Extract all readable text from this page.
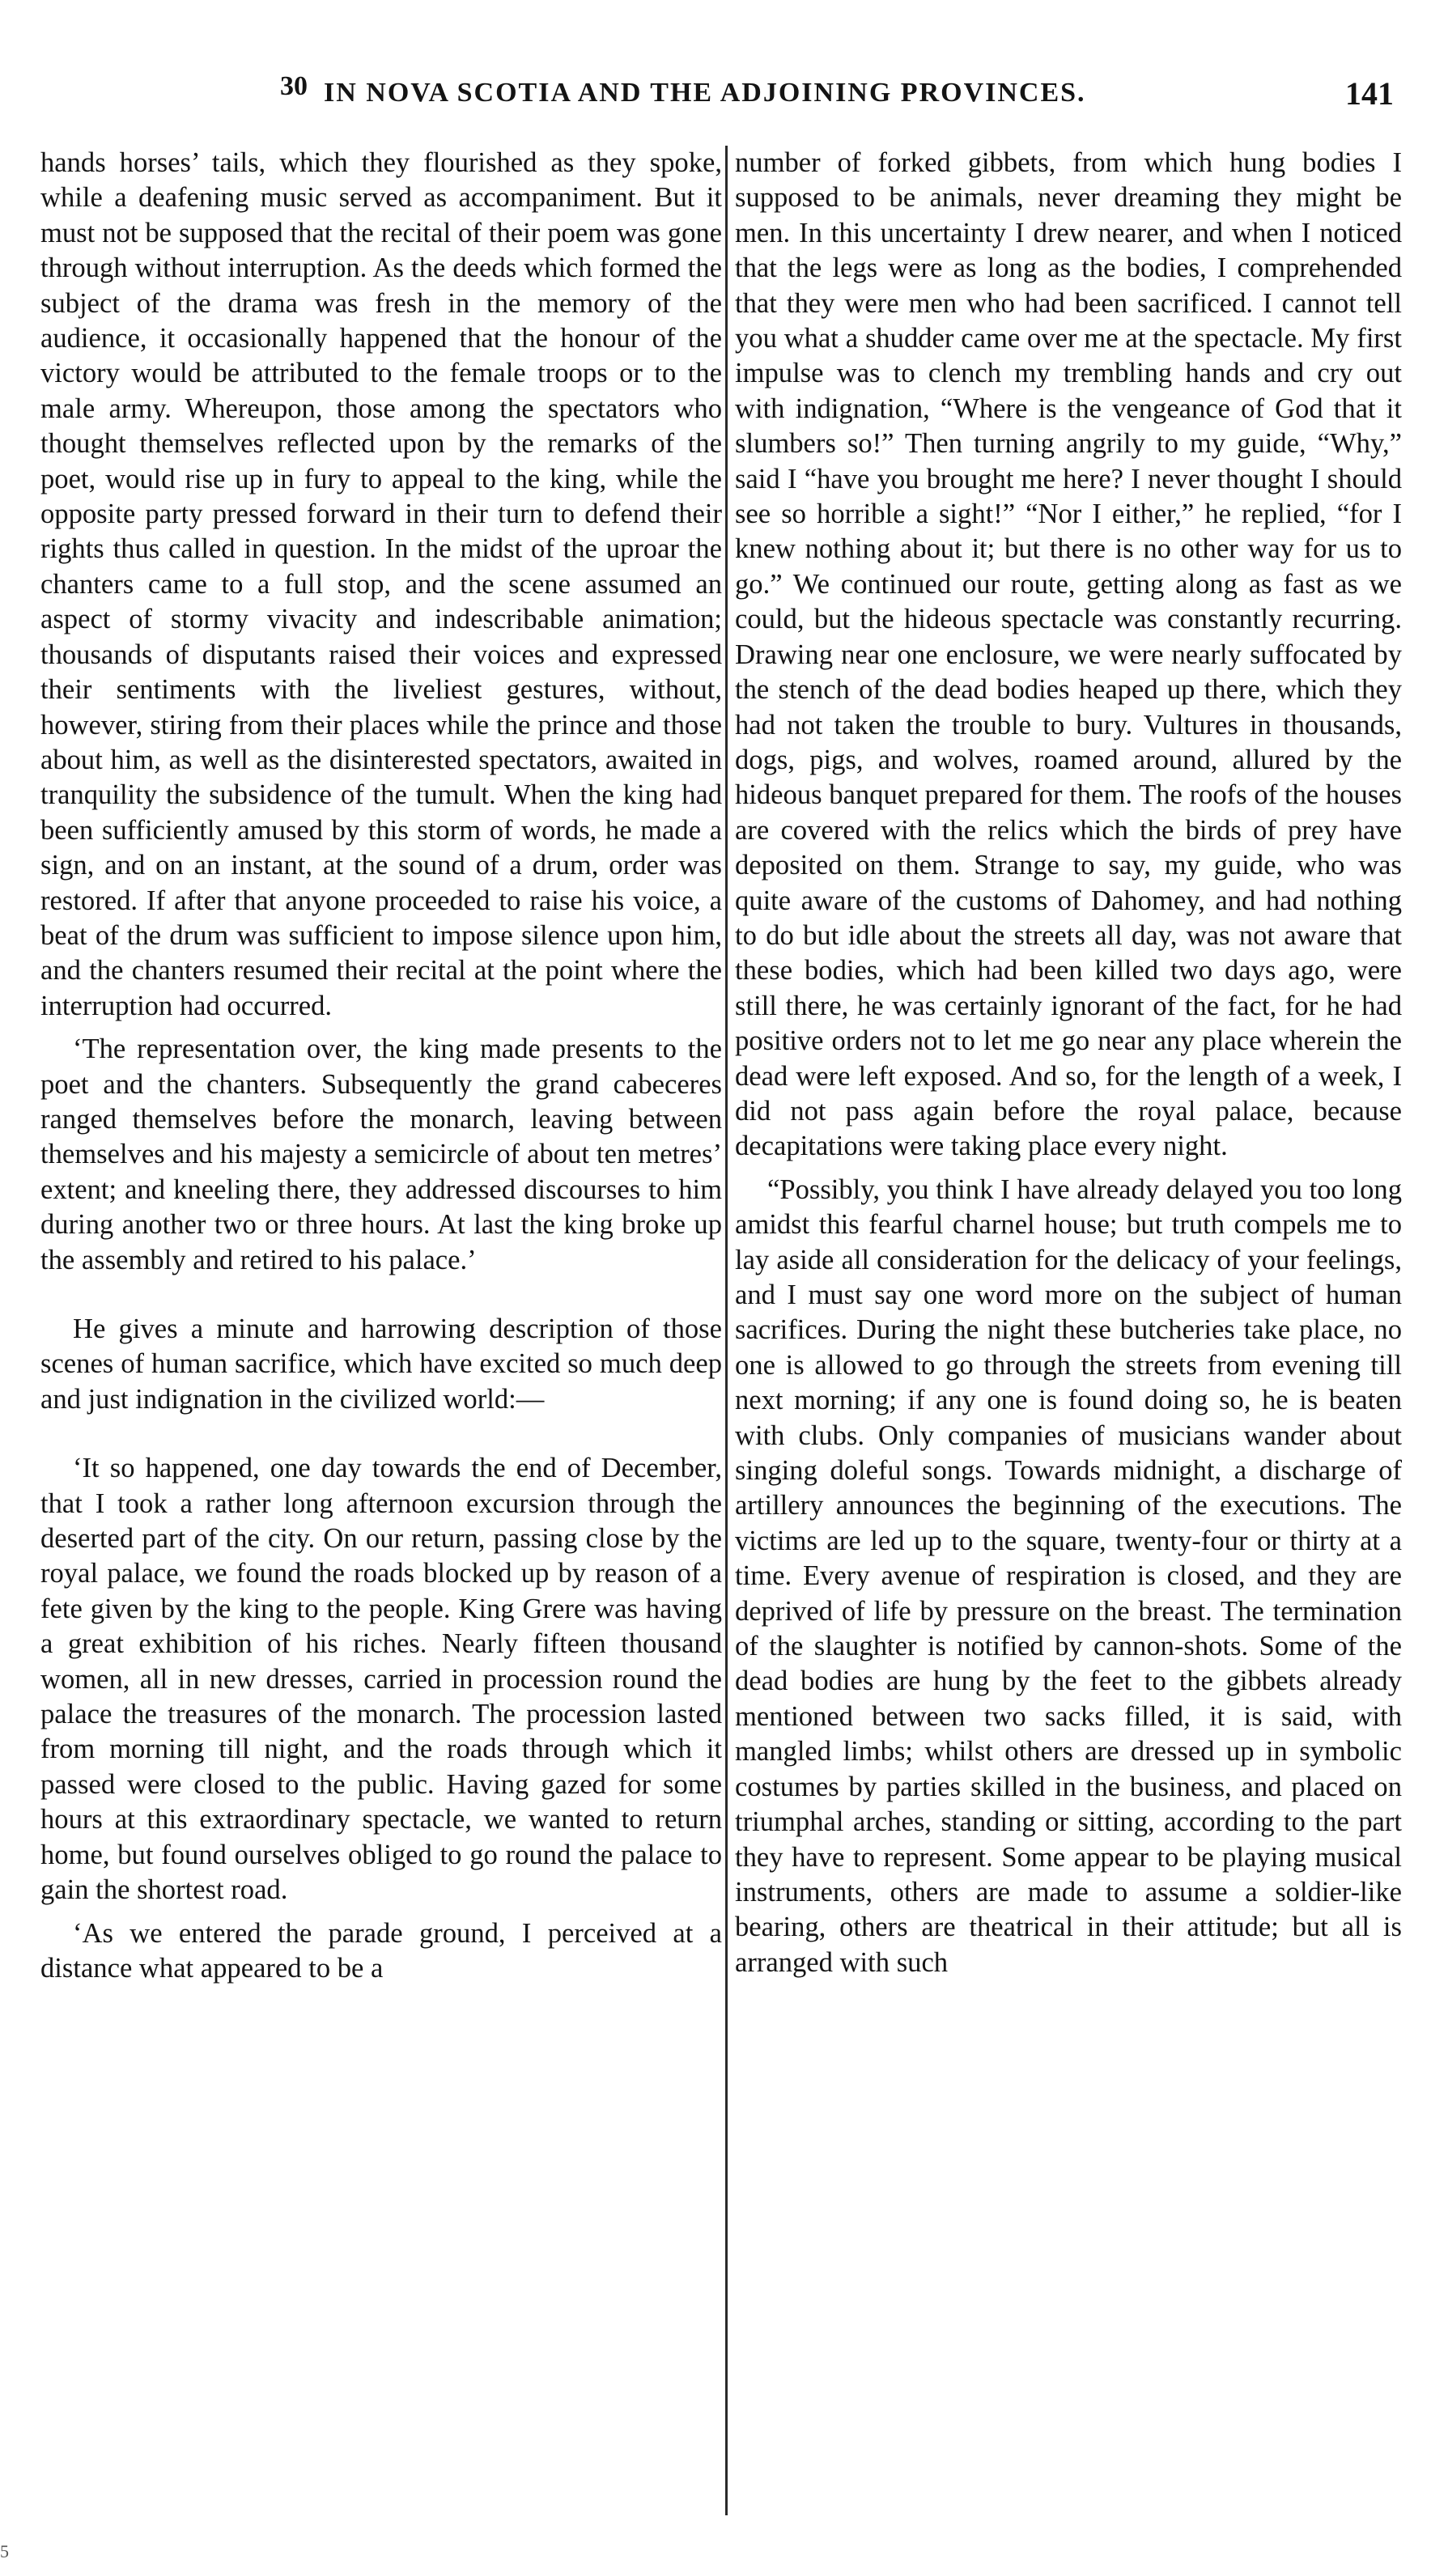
30 IN NOVA SCOTIA AND THE ADJOINING PROVINCES.	141

hands horses’ tails, which they flourished as they spoke, while a deafening music served as accompaniment. But it must not be supposed that the recital of their poem was gone through without interruption. As the deeds which formed the subject of the drama was fresh in the memory of the audience, it occasionally happened that the honour of the victory would be attributed to the female troops or to the male army. Whereupon, those among the spectators who thought themselves reflected upon by the remarks of the poet, would rise up in fury to appeal to the king, while the opposite party pressed forward in their turn to defend their rights thus called in question. In the midst of the uproar the chanters came to a full stop, and the scene assumed an aspect of stormy vivacity and indescribable animation; thousands of disputants raised their voices and expressed their sentiments with the liveliest gestures, without, however, stiring from their places while the prince and those about him, as well as the disinterested spectators, awaited in tranquility the subsidence of the tumult. When the king had been sufficiently amused by this storm of words, he made a sign, and on an instant, at the sound of a drum, order was restored. If after that anyone proceeded to raise his voice, a beat of the drum was sufficient to impose silence upon him, and the chanters resumed their recital at the point where the interruption had occurred.

‘The representation over, the king made presents to the poet and the chanters. Subsequently the grand cabeceres ranged themselves before the monarch, leaving between themselves and his majesty a semicircle of about ten metres’ extent; and kneeling there, they addressed discourses to him during another two or three hours. At last the king broke up the assembly and retired to his palace.’

He gives a minute and harrowing description of those scenes of human sacrifice, which have excited so much deep and just indignation in the civilized world:—

‘It so happened, one day towards the end of December, that I took a rather long afternoon excursion through the deserted part of the city. On our return, passing close by the royal palace, we found the roads blocked up by reason of a fete given by the king to the people. King Grere was having a great exhibition of his riches. Nearly fifteen thousand women, all in new dresses, carried in procession round the palace the treasures of the monarch. The procession lasted from morning till night, and the roads through which it passed were closed to the public. Having gazed for some hours at this extraordinary spectacle, we wanted to return home, but found ourselves obliged to go round the palace to gain the shortest road.

‘As we entered the parade ground, I perceived at a distance what appeared to be a

number of forked gibbets, from which hung bodies I supposed to be animals, never dreaming they might be men. In this uncertainty I drew nearer, and when I noticed that the legs were as long as the bodies, I comprehended that they were men who had been sacrificed. I cannot tell you what a shudder came over me at the spectacle. My first impulse was to clench my trembling hands and cry out with indignation, “Where is the vengeance of God that it slumbers so!” Then turning angrily to my guide, “Why,” said I “have you brought me here? I never thought I should see so horrible a sight!” “Nor I either,” he replied, “for I knew nothing about it; but there is no other way for us to go.” We continued our route, getting along as fast as we could, but the hideous spectacle was constantly recurring. Drawing near one enclosure, we were nearly suffocated by the stench of the dead bodies heaped up there, which they had not taken the trouble to bury. Vultures in thousands, dogs, pigs, and wolves, roamed around, allured by the hideous banquet prepared for them. The roofs of the houses are covered with the relics which the birds of prey have deposited on them. Strange to say, my guide, who was quite aware of the customs of Dahomey, and had nothing to do but idle about the streets all day, was not aware that these bodies, which had been killed two days ago, were still there, he was certainly ignorant of the fact, for he had positive orders not to let me go near any place wherein the dead were left exposed. And so, for the length of a week, I did not pass again before the royal palace, because decapitations were taking place every night.

“Possibly, you think I have already delayed you too long amidst this fearful charnel house; but truth compels me to lay aside all consideration for the delicacy of your feelings, and I must say one word more on the subject of human sacrifices. During the night these butcheries take place, no one is allowed to go through the streets from evening till next morning; if any one is found doing so, he is beaten with clubs. Only companies of musicians wander about singing doleful songs. Towards midnight, a discharge of artillery announces the beginning of the executions. The victims are led up to the square, twenty-four or thirty at a time. Every avenue of respiration is closed, and they are deprived of life by pressure on the breast. The termination of the slaughter is notified by cannon-shots. Some of the dead bodies are hung by the feet to the gibbets already mentioned between two sacks filled, it is said, with mangled limbs; whilst others are dressed up in symbolic costumes by parties skilled in the business, and placed on triumphal arches, standing or sitting, according to the part they have to represent. Some appear to be playing musical instruments, others are made to assume a soldier-like bearing, others are theatrical in their attitude; but all is arranged with such

5
